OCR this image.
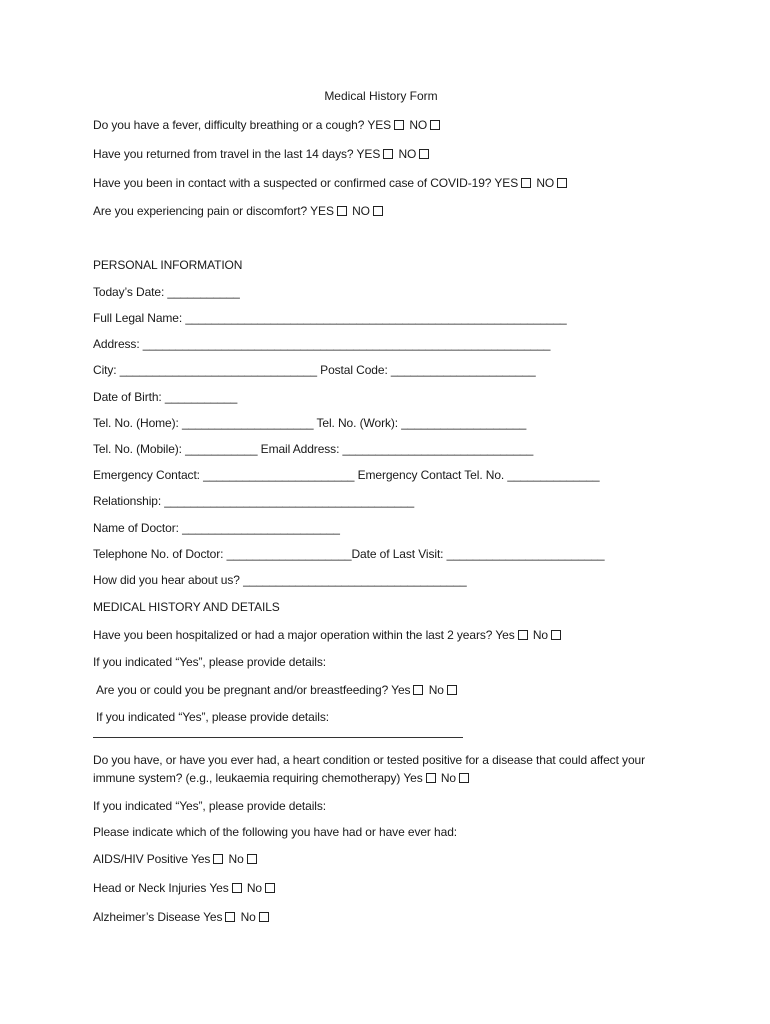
Medical History Form
Do you have a fever, difficulty breathing or a cough? YES NO
Have you returned from travel in the last 14 days? YES NO
Have you been in contact with a suspected or confirmed case of COVID-19? YES NO
Are you experiencing pain or discomfort? YES NO
PERSONAL INFORMATION
Today’s Date: ___________
Full Legal Name: __________________________________________________________
Address: ______________________________________________________________
City: ______________________________ Postal Code: ______________________
Date of Birth: ___________
Tel. No. (Home): ____________________ Tel. No. (Work): ___________________
Tel. No. (Mobile): ___________ Email Address: _____________________________
Emergency Contact: _______________________ Emergency Contact Tel. No. ______________
Relationship: ______________________________________
Name of Doctor: ________________________
Telephone No. of Doctor: ___________________Date of Last Visit: ________________________
How did you hear about us? __________________________________
MEDICAL HISTORY AND DETAILS
Have you been hospitalized or had a major operation within the last 2 years? Yes No
If you indicated “Yes”, please provide details:
Are you or could you be pregnant and/or breastfeeding? Yes No
If you indicated “Yes”, please provide details:
Do you have, or have you ever had, a heart condition or tested positive for a disease that could affect your
immune system? (e.g., leukaemia requiring chemotherapy) Yes No
If you indicated “Yes”, please provide details:
Please indicate which of the following you have had or have ever had:
AIDS/HIV Positive Yes No
Head or Neck Injuries Yes No
Alzheimer’s Disease Yes No
